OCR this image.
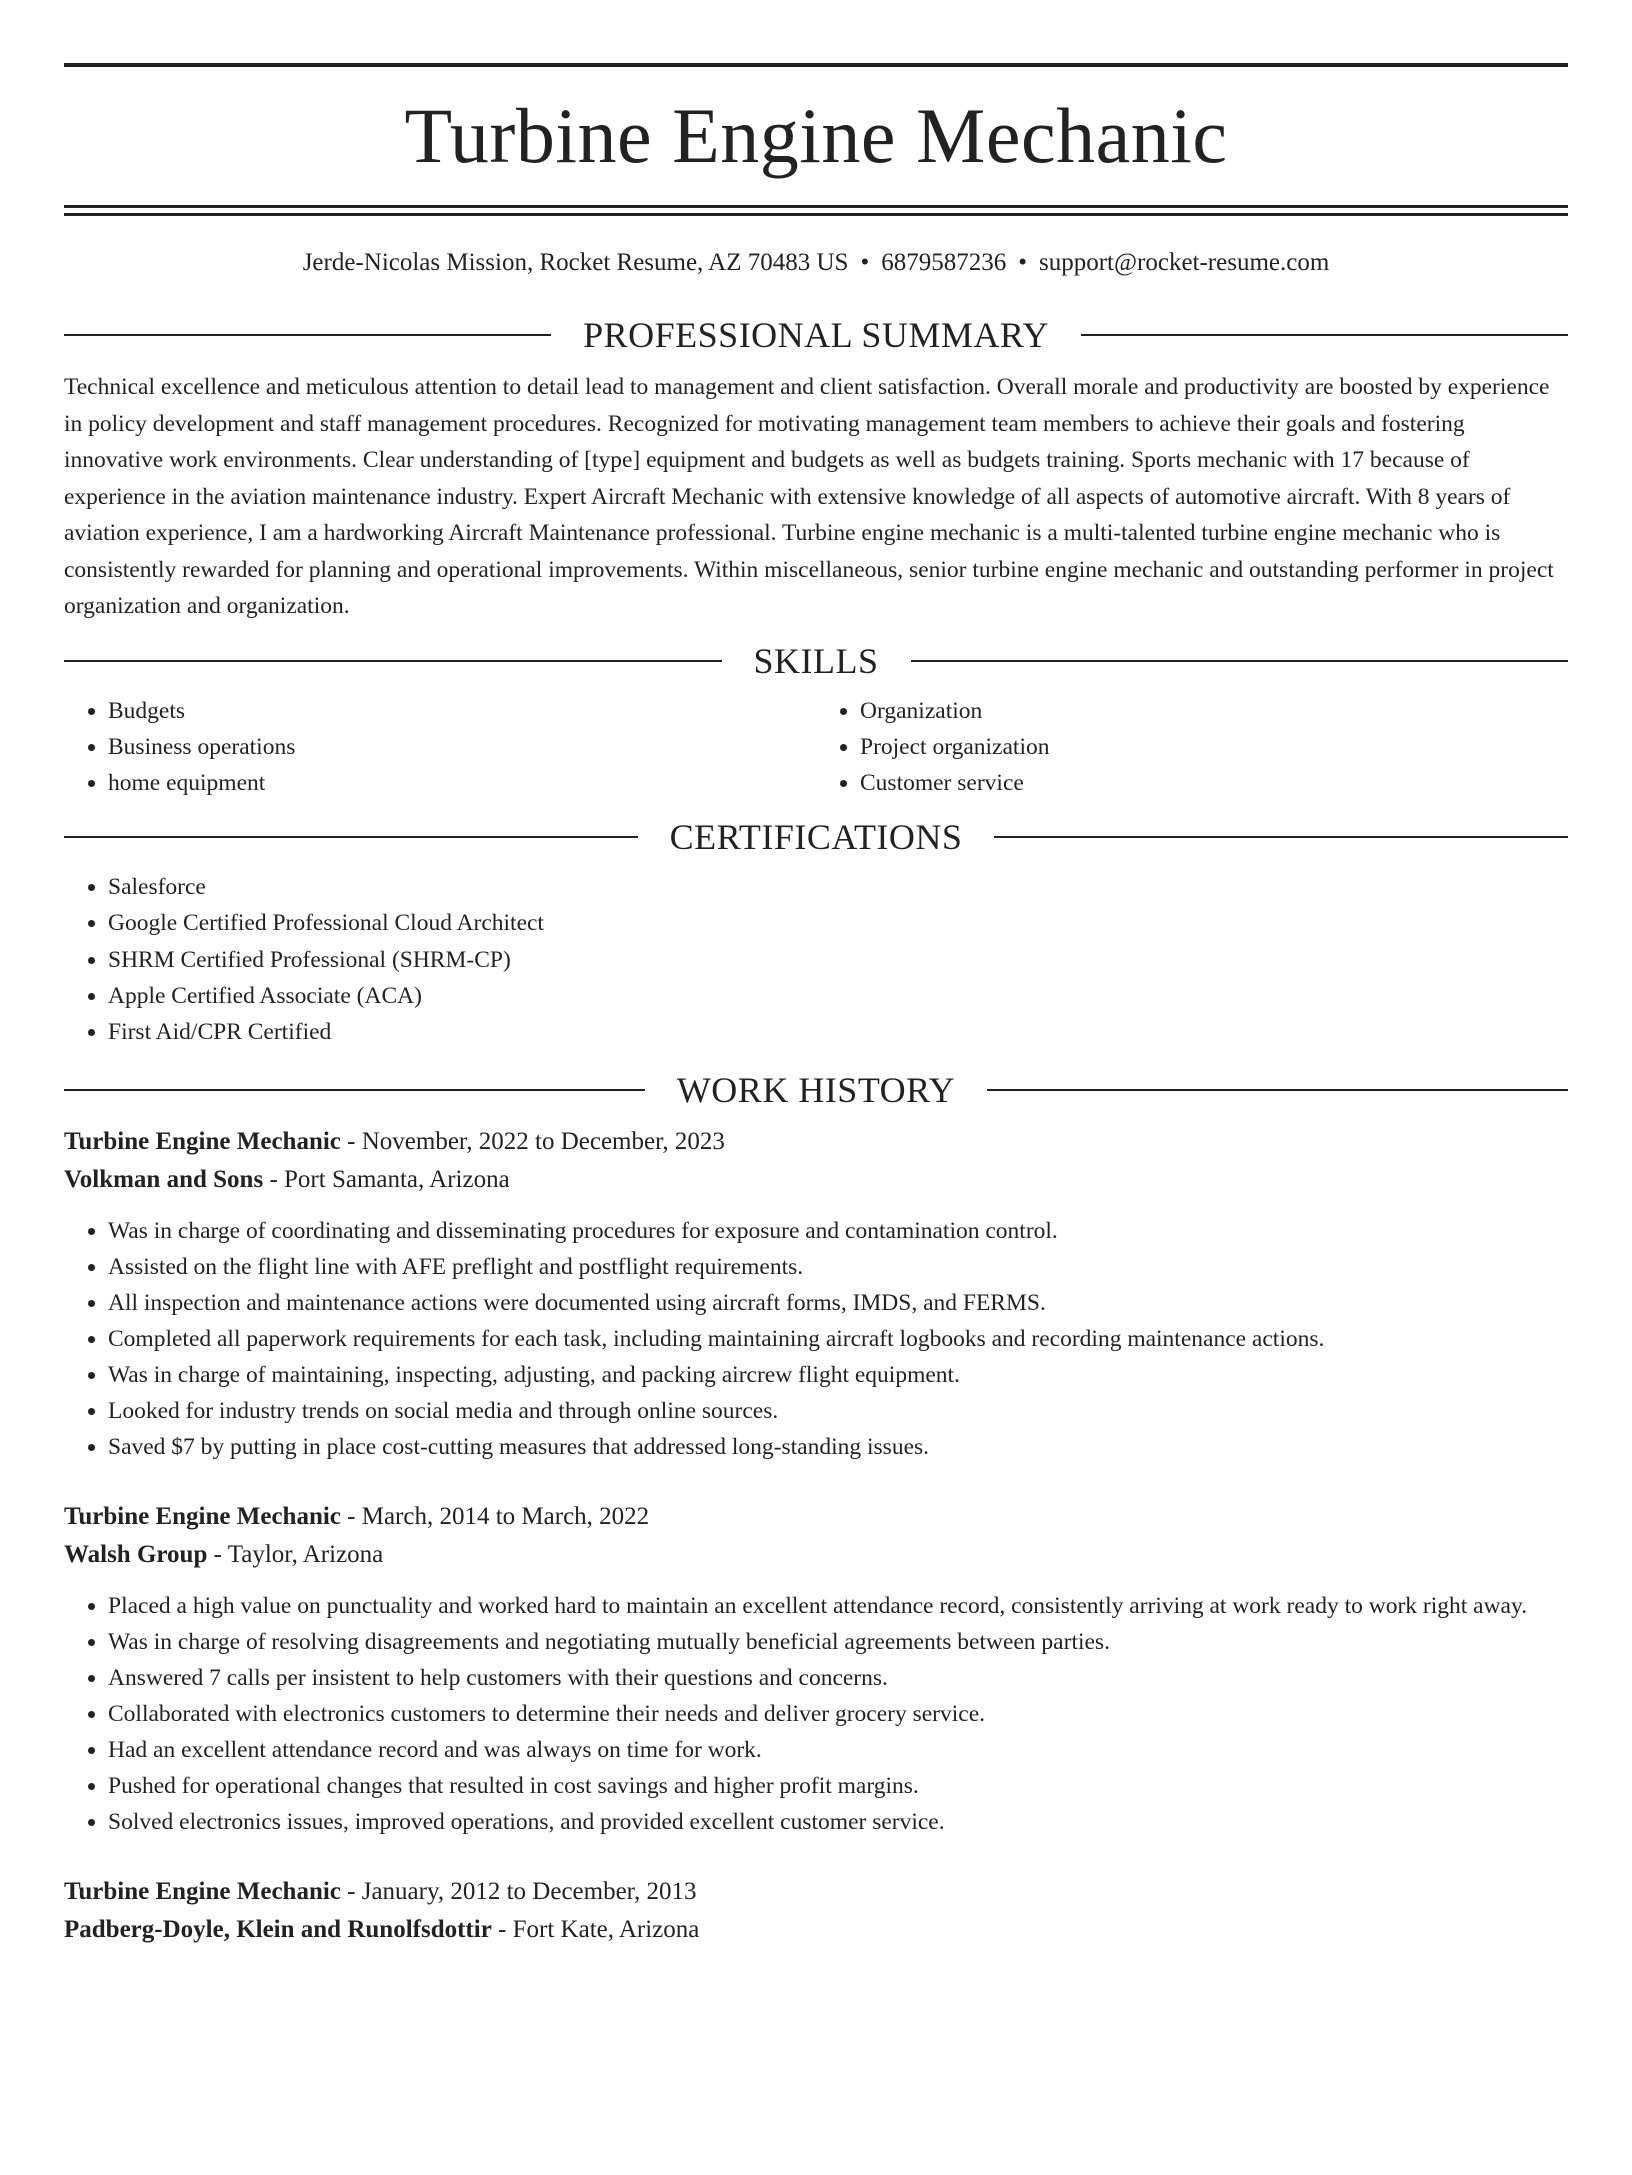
Turbine Engine Mechanic
Jerde-Nicolas Mission, Rocket Resume, AZ 70483 US • 6879587236 • support@rocket-resume.com
PROFESSIONAL SUMMARY

Technical excellence and meticulous attention to detail lead to management and client satisfaction. Overall morale and productivity are boosted by experience in policy development and staff management procedures. Recognized for motivating management team members to achieve their goals and fostering innovative work environments. Clear understanding of [type] equipment and budgets as well as budgets training. Sports mechanic with 17 because of experience in the aviation maintenance industry. Expert Aircraft Mechanic with extensive knowledge of all aspects of automotive aircraft. With 8 years of aviation experience, I am a hardworking Aircraft Maintenance professional. Turbine engine mechanic is a multi-talented turbine engine mechanic who is consistently rewarded for planning and operational improvements. Within miscellaneous, senior turbine engine mechanic and outstanding performer in project organization and organization.

SKILLS
• Budgets
• Business operations
• home equipment
• Organization
• Project organization
• Customer service
CERTIFICATIONS
• Salesforce
• Google Certified Professional Cloud Architect
• SHRM Certified Professional (SHRM-CP)
• Apple Certified Associate (ACA)
• First Aid/CPR Certified
WORK HISTORY
Turbine Engine Mechanic - November, 2022 to December, 2023
Volkman and Sons - Port Samanta, Arizona
• Was in charge of coordinating and disseminating procedures for exposure and contamination control.
• Assisted on the flight line with AFE preflight and postflight requirements.
• All inspection and maintenance actions were documented using aircraft forms, IMDS, and FERMS.
• Completed all paperwork requirements for each task, including maintaining aircraft logbooks and recording maintenance actions.
• Was in charge of maintaining, inspecting, adjusting, and packing aircrew flight equipment.
• Looked for industry trends on social media and through online sources.
• Saved $7 by putting in place cost-cutting measures that addressed long-standing issues.
Turbine Engine Mechanic - March, 2014 to March, 2022
Walsh Group - Taylor, Arizona
• Placed a high value on punctuality and worked hard to maintain an excellent attendance record, consistently arriving at work ready to work right away.
• Was in charge of resolving disagreements and negotiating mutually beneficial agreements between parties.
• Answered 7 calls per insistent to help customers with their questions and concerns.
• Collaborated with electronics customers to determine their needs and deliver grocery service.
• Had an excellent attendance record and was always on time for work.
• Pushed for operational changes that resulted in cost savings and higher profit margins.
• Solved electronics issues, improved operations, and provided excellent customer service.
Turbine Engine Mechanic - January, 2012 to December, 2013
Padberg-Doyle, Klein and Runolfsdottir - Fort Kate, Arizona
